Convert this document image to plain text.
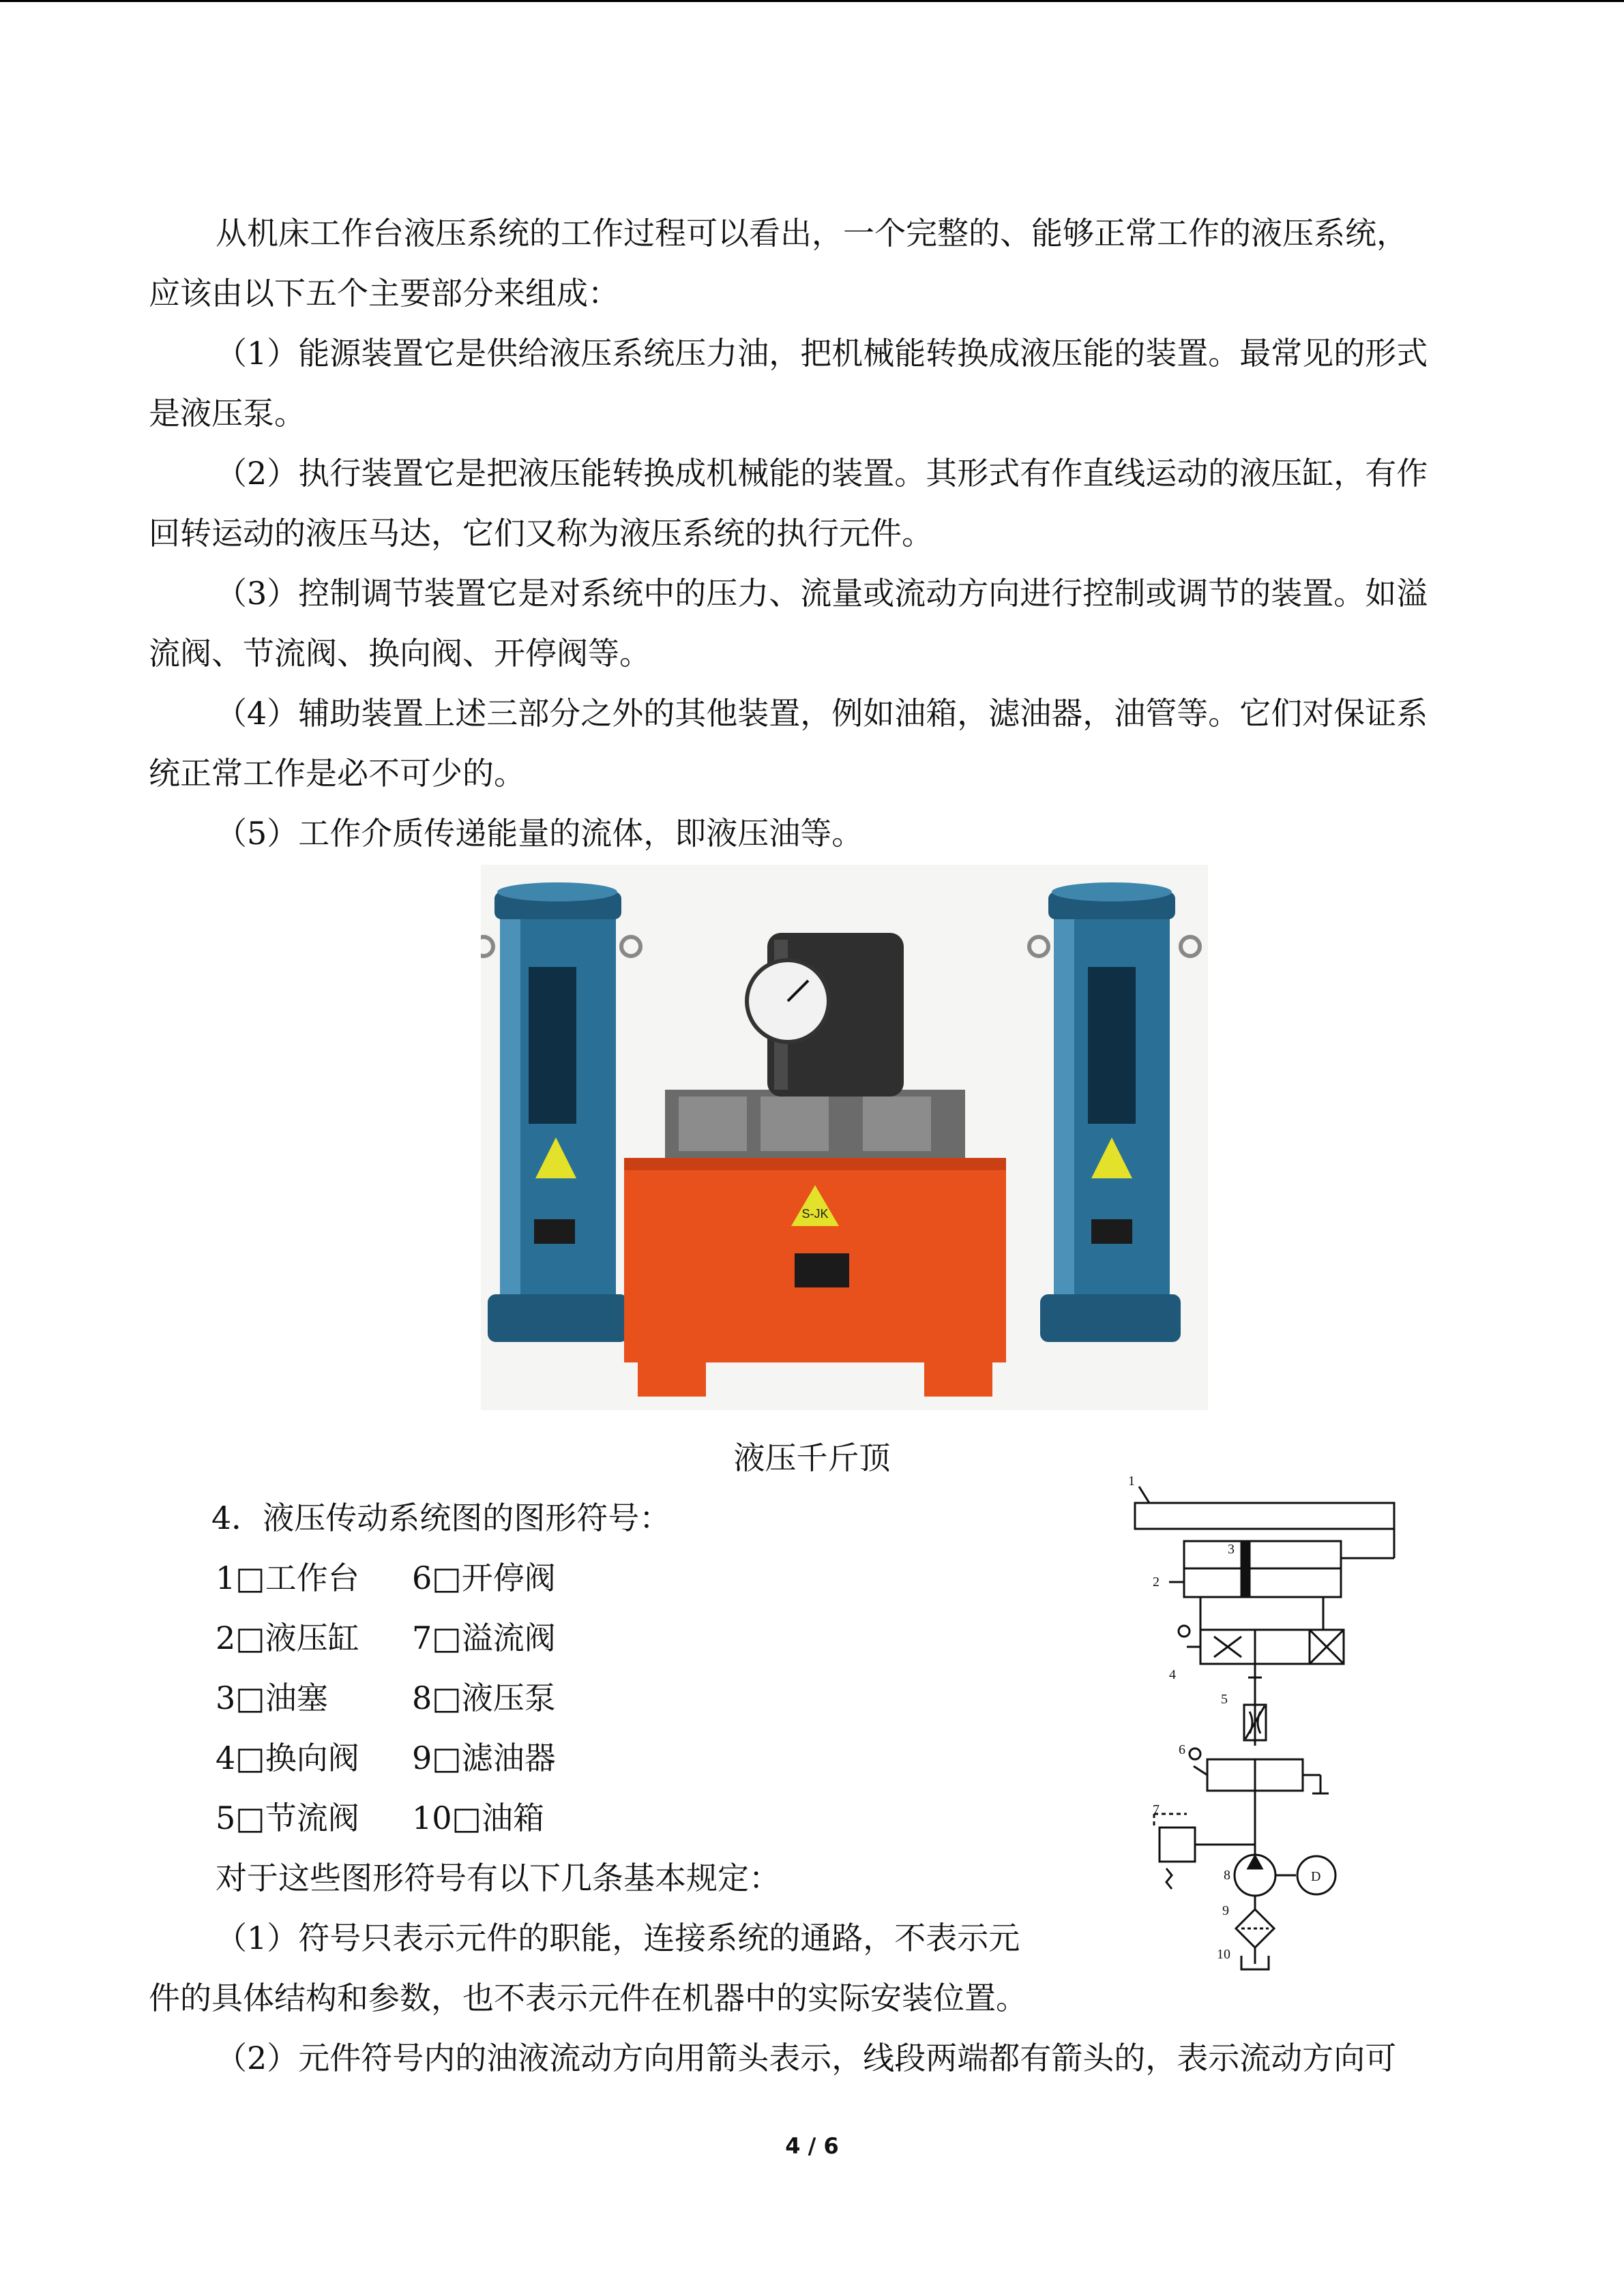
从机床工作台液压系统的工作过程可以看出，一个完整的、能够正常工作的液压系统，

应该由以下五个主要部分来组成：

（1）能源装置它是供给液压系统压力油，把机械能转换成液压能的装置。最常见的形式

是液压泵。

（2）执行装置它是把液压能转换成机械能的装置。其形式有作直线运动的液压缸，有作

回转运动的液压马达，它们又称为液压系统的执行元件。

（3）控制调节装置它是对系统中的压力、流量或流动方向进行控制或调节的装置。如溢

流阀、节流阀、换向阀、开停阀等。

（4）辅助装置上述三部分之外的其他装置，例如油箱，滤油器，油管等。它们对保证系

统正常工作是必不可少的。

（5）工作介质传递能量的流体，即液压油等。

S-JK
液压千斤顶

4．液压传动系统图的图形符号：

1□工作台 6□开停阀
2□液压缸 7□溢流阀
3□油塞	8□液压泵
4□换向阀 9□滤油器
5□节流阀 10□油箱

对于这些图形符号有以下几条基本规定：

（1）符号只表示元件的职能，连接系统的通路，不表示元

件的具体结构和参数，也不表示元件在机器中的实际安装位置。

（2）元件符号内的油液流动方向用箭头表示，线段两端都有箭头的，表示流动方向可

1
2
3
4
5
6
7
8
9
10
D
4 / 6
